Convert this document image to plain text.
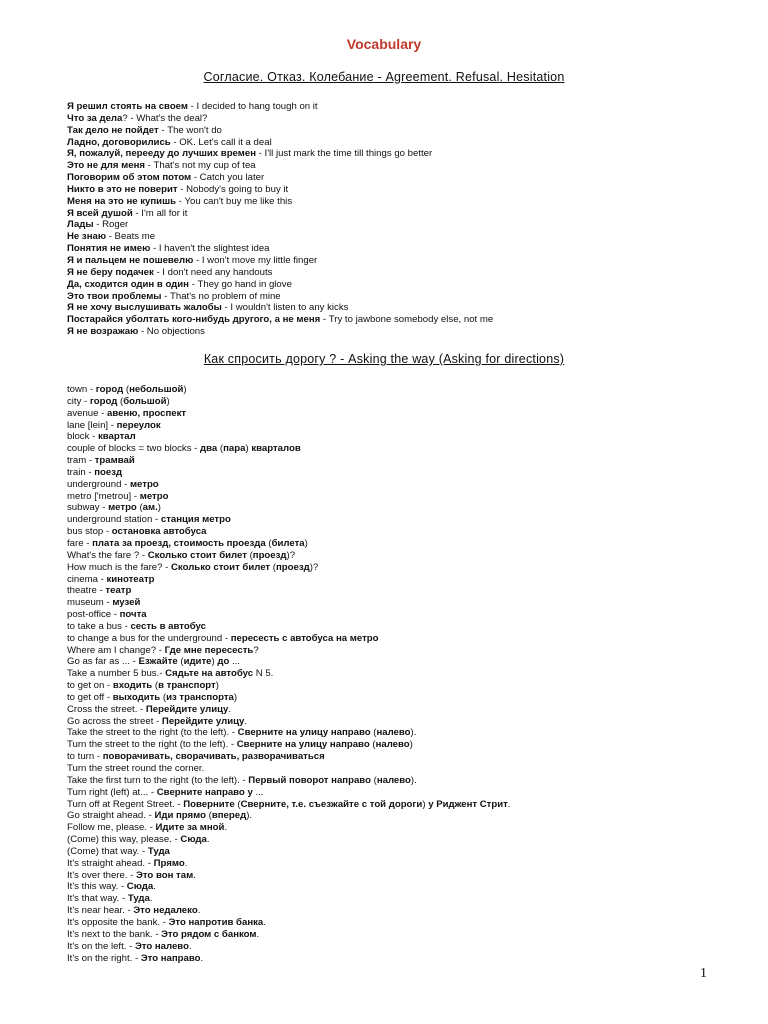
Vocabulary
Согласие. Отказ. Колебание - Agreement. Refusal. Hesitation
Я решил стоять на своем - I decided to hang tough on it
Что за дела? - What's the deal?
Так дело не пойдет - The won't do
Ладно, договорились - OK. Let's call it a deal
Я, пожалуй, перееду до лучших времен - I'll just mark the time till things go better
Это не для меня - That's not my cup of tea
Поговорим об этом потом - Catch you later
Никто в это не поверит - Nobody's going to buy it
Меня на это не купишь - You can't buy me like this
Я всей душой - I'm all for it
Лады - Roger
Не знаю - Beats me
Понятия не имею - I haven't the slightest idea
Я и пальцем не пошевелю - I won't move my little finger
Я не беру подачек - I don't need any handouts
Да, сходится один в один - They go hand in glove
Это твои проблемы - That's no problem of mine
Я не хочу выслушивать жалобы - I wouldn't listen to any kicks
Постарайся уболтать кого-нибудь другого, а не меня - Try to jawbone somebody else, not me
Я не возражаю - No objections
Как спросить дорогу ? - Asking the way (Asking for directions)
town - город (небольшой)
city - город (большой)
avenue - авеню, проспект
lane [lein] - переулок
block - квартал
couple of blocks = two blocks - два (пара) кварталов
tram - трамвай
train - поезд
underground - метро
metro ['metrou] - метро
subway - метро (ам.)
underground station - станция метро
bus stop - остановка автобуса
fare - плата за проезд, стоимость проезда (билета)
What's the fare ? - Сколько стоит билет (проезд)?
How much is the fare? - Сколько стоит билет (проезд)?
cinema - кинотеатр
theatre - театр
museum - музей
post-office - почта
to take a bus - сесть в автобус
to change a bus for the underground - пересесть с автобуса на метро
Where am I change? - Где мне пересесть?
Go as far as ... - Езжайте (идите) до ...
Take a number 5 bus.- Сядьте на автобус N 5.
to get on - входить (в транспорт)
to get off - выходить (из транспорта)
Cross the street. - Перейдите улицу.
Go across the street - Перейдите улицу.
Take the street to the right (to the left). - Сверните на улицу направо (налево).
Turn the street to the right (to the left). - Сверните на улицу направо (налево)
to turn - поворачивать, сворачивать, разворачиваться
Turn the street round the corner.
Take the first turn to the right (to the left). - Первый поворот направо (налево).
Turn right (left) at... - Сверните направо у ...
Turn off at Regent Street. - Поверните (Сверните, т.е. съезжайте с той дороги) у Риджент Стрит.
Go straight ahead. - Иди прямо (вперед).
Follow me, please. - Идите за мной.
(Come) this way, please. - Сюда.
(Come) that way. - Туда
It's straight ahead. - Прямо.
It's over there. - Это вон там.
It's this way. - Сюда.
It's that way. - Туда.
It's near hear. - Это недалеко.
It's opposite the bank. - Это напротив банка.
It's next to the bank. - Это рядом с банком.
It's on the left. - Это налево.
It's on the right. - Это направо.
1
